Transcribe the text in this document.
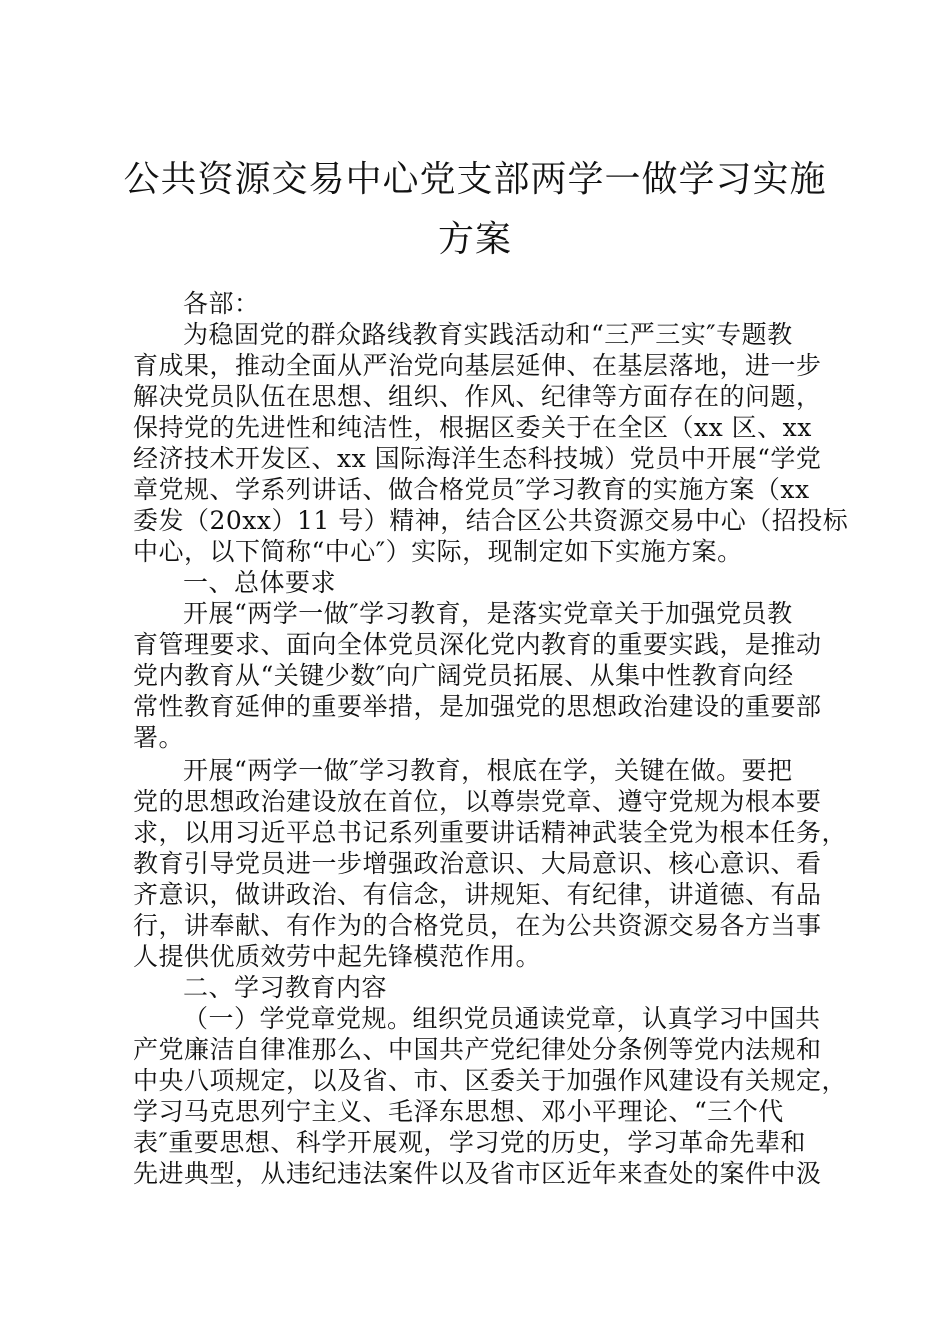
公共资源交易中心党支部两学一做学习实施
方案
各部：
为稳固党的群众路线教育实践活动和“三严三实″专题教
育成果，推动全面从严治党向基层延伸、在基层落地，进一步
解决党员队伍在思想、组织、作风、纪律等方面存在的问题，
保持党的先进性和纯洁性，根据区委关于在全区（xx 区、xx
经济技术开发区、xx 国际海洋生态科技城）党员中开展“学党
章党规、学系列讲话、做合格党员″学习教育的实施方案（xx
委发（20xx）11 号）精神，结合区公共资源交易中心（招投标
中心，以下简称“中心″）实际，现制定如下实施方案。
一、总体要求
开展“两学一做″学习教育，是落实党章关于加强党员教
育管理要求、面向全体党员深化党内教育的重要实践，是推动
党内教育从“关键少数″向广阔党员拓展、从集中性教育向经
常性教育延伸的重要举措，是加强党的思想政治建设的重要部
署。
开展“两学一做″学习教育，根底在学，关键在做。要把
党的思想政治建设放在首位，以尊崇党章、遵守党规为根本要
求，以用习近平总书记系列重要讲话精神武装全党为根本任务，
教育引导党员进一步增强政治意识、大局意识、核心意识、看
齐意识，做讲政治、有信念，讲规矩、有纪律，讲道德、有品
行，讲奉献、有作为的合格党员，在为公共资源交易各方当事
人提供优质效劳中起先锋模范作用。
二、学习教育内容
（一）学党章党规。组织党员通读党章，认真学习中国共
产党廉洁自律准那么、中国共产党纪律处分条例等党内法规和
中央八项规定，以及省、市、区委关于加强作风建设有关规定，
学习马克思列宁主义、毛泽东思想、邓小平理论、“三个代
表″重要思想、科学开展观，学习党的历史，学习革命先辈和
先进典型，从违纪违法案件以及省市区近年来查处的案件中汲
